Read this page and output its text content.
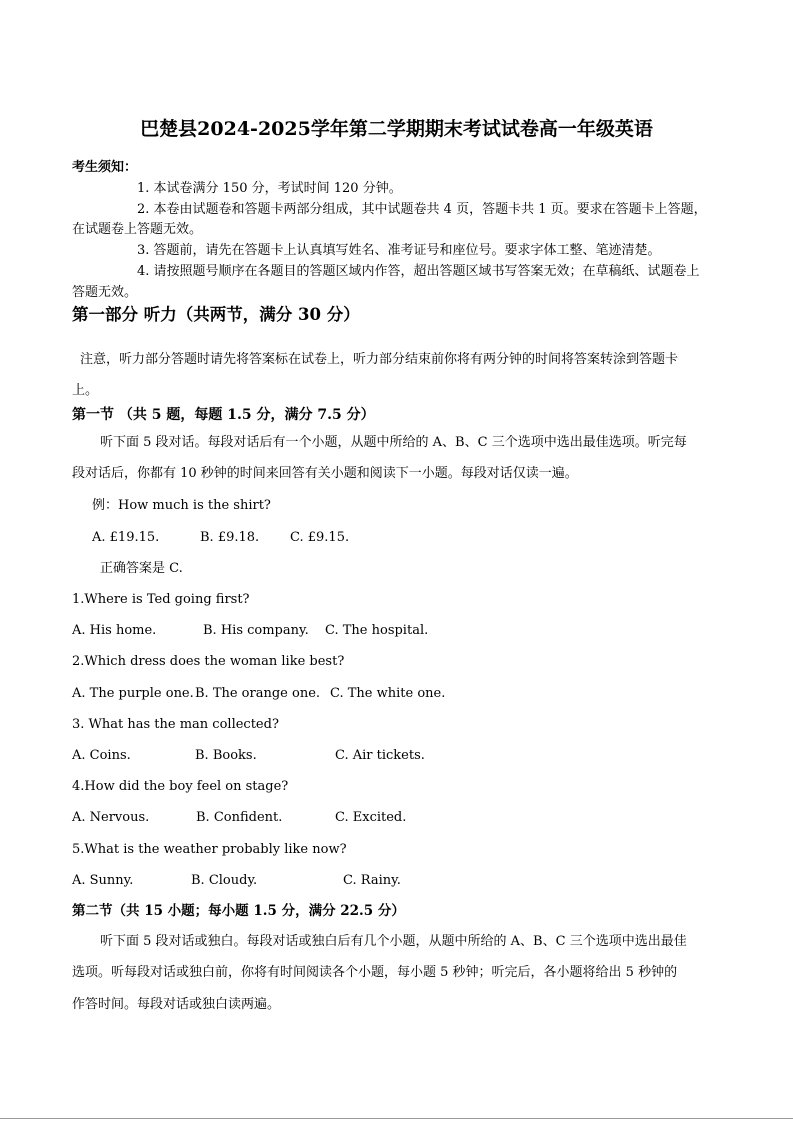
巴楚县2024-2025学年第二学期期末考试试卷高一年级英语
考生须知：
1. 本试卷满分 150 分，考试时间 120 分钟。
2. 本卷由试题卷和答题卡两部分组成，其中试题卷共 4 页，答题卡共 1 页。要求在答题卡上答题，
在试题卷上答题无效。
3. 答题前，请先在答题卡上认真填写姓名、准考证号和座位号。要求字体工整、笔迹清楚。
4. 请按照题号顺序在各题目的答题区域内作答，超出答题区域书写答案无效；在草稿纸、试题卷上
答题无效。
第一部分 听力（共两节，满分 30 分）
注意，听力部分答题时请先将答案标在试卷上，听力部分结束前你将有两分钟的时间将答案转涂到答题卡
上。
第一节 （共 5 题，每题 1.5 分，满分 7.5 分）
听下面 5 段对话。每段对话后有一个小题，从题中所给的 A、B、C 三个选项中选出最佳选项。听完每
段对话后，你都有 10 秒钟的时间来回答有关小题和阅读下一小题。每段对话仅读一遍。
例：How much is the shirt?
A. £19.15.	B. £9.18. C. £9.15.
正确答案是 C.
1.Where is Ted going first?
A. His home.	B. His company. C. The hospital.
2.Which dress does the woman like best?
A. The purple one. B. The orange one. C. The white one.
3. What has the man collected?
A. Coins.	B. Books.	C. Air tickets.
4.How did the boy feel on stage?
A. Nervous.	B. Confident.	C. Excited.
5.What is the weather probably like now?
A. Sunny.	B. Cloudy.	C. Rainy.
第二节（共 15 小题；每小题 1.5 分，满分 22.5 分）
听下面 5 段对话或独白。每段对话或独白后有几个小题，从题中所给的 A、B、C 三个选项中选出最佳
选项。听每段对话或独白前，你将有时间阅读各个小题，每小题 5 秒钟；听完后，各小题将给出 5 秒钟的
作答时间。每段对话或独白读两遍。
